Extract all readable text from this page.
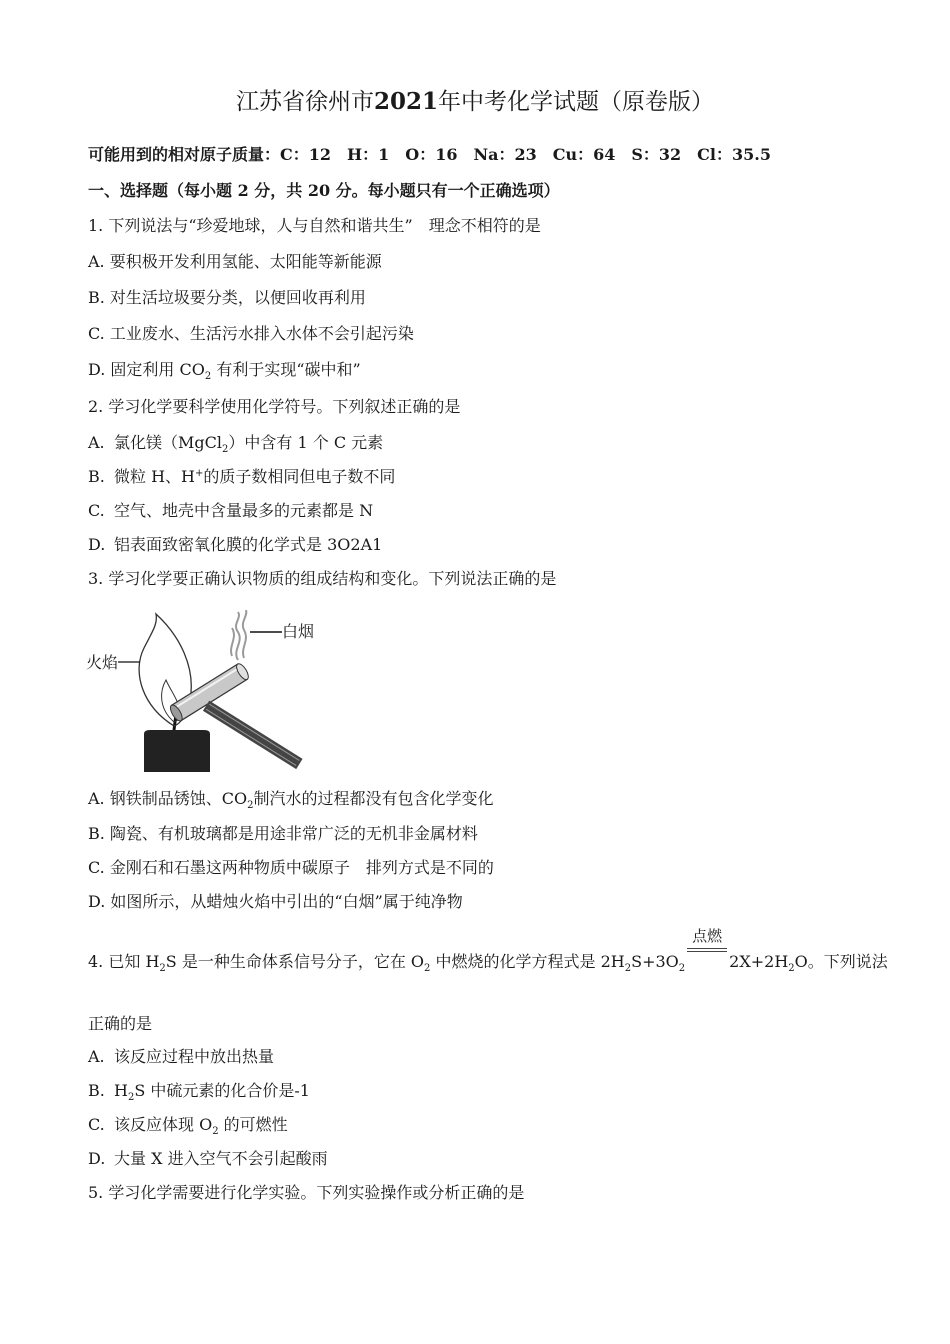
江苏省徐州市2021年中考化学试题（原卷版）
可能用到的相对原子质量：C：12　H：1　O：16　Na：23　Cu：64　S：32　Cl：35.5
一、选择题（每小题 2 分，共 20 分。每小题只有一个正确选项）
1. 下列说法与“珍爱地球，人与自然和谐共生”　理念不相符的是
A. 要积极开发利用氢能、太阳能等新能源
B. 对生活垃圾要分类，以便回收再利用
C. 工业废水、生活污水排入水体不会引起污染
D. 固定利用 $CO_2$ 有利于实现“碳中和”
2. 学习化学要科学使用化学符号。下列叙述正确的是
A. 氯化镁（MgCl$_2$）中含有 1 个 C 元素
B. 微粒 H、H+的质子数相同但电子数不同
C. 空气、地壳中含量最多的元素都是 N
D. 铝表面致密氧化膜的化学式是 3O2A1
3. 学习化学要正确认识物质的组成结构和变化。下列说法正确的是
白烟
火焰
A. 钢铁制品锈蚀、$CO_2$制汽水的过程都没有包含化学变化
B. 陶瓷、有机玻璃都是用途非常广泛的无机非金属材料
C. 金刚石和石墨这两种物质中碳原子　排列方式是不同的
D. 如图所示，从蜡烛火焰中引出的“白烟”属于纯净物
4. 已知 $H_2S$ 是一种生命体系信号分子，它在 $O_2$ 中燃烧的化学方程式是 $2H_2S+3O_2$
点燃
$2X+2H_2O$。下列说法
正确的是
A. 该反应过程中放出热量
B. $H_2S$ 中硫元素的化合价是-1
C. 该反应体现 $O_2$ 的可燃性
D. 大量 X 进入空气不会引起酸雨
5. 学习化学需要进行化学实验。下列实验操作或分析正确的是
